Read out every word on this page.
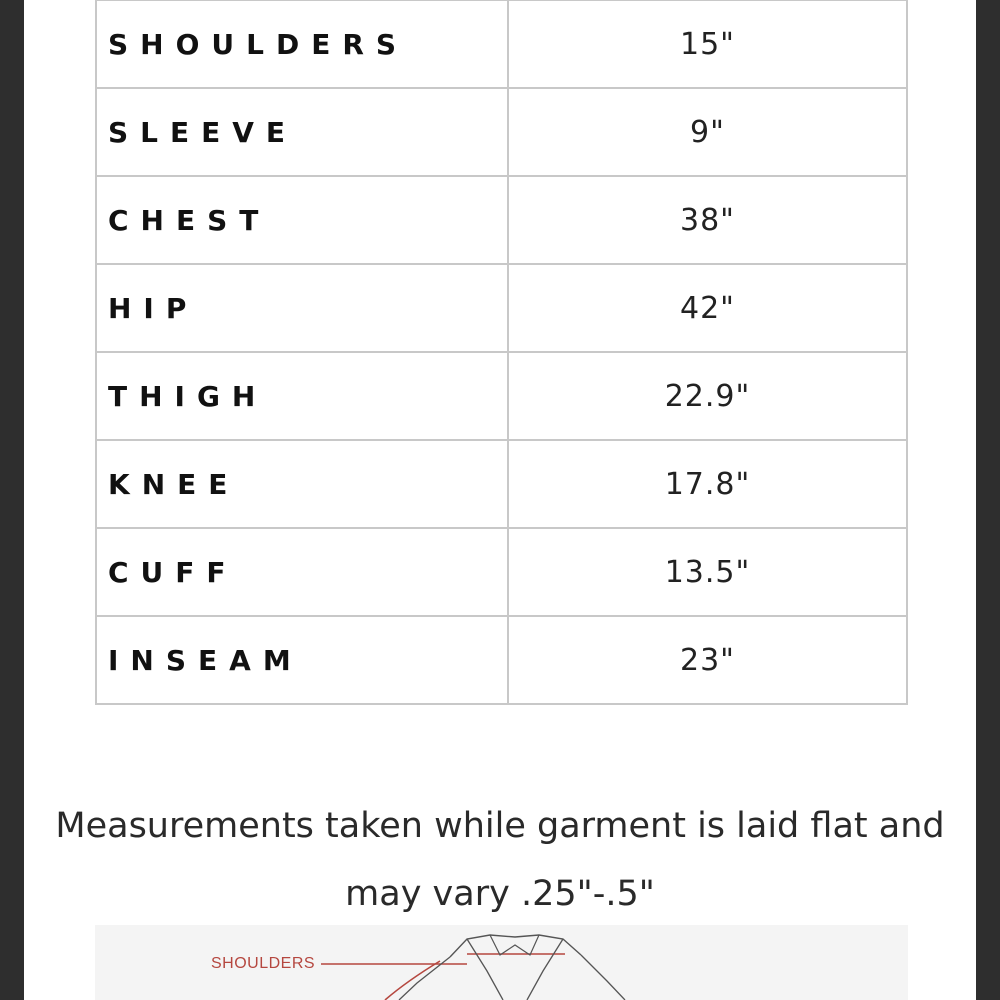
SHOULDERS	15"
SLEEVE	9"
CHEST	38"
HIP	42"
THIGH	22.9"
KNEE	17.8"
CUFF	13.5"
INSEAM	23"
Measurements taken while garment is laid flat and
may vary .25"-.5"
SHOULDERS
